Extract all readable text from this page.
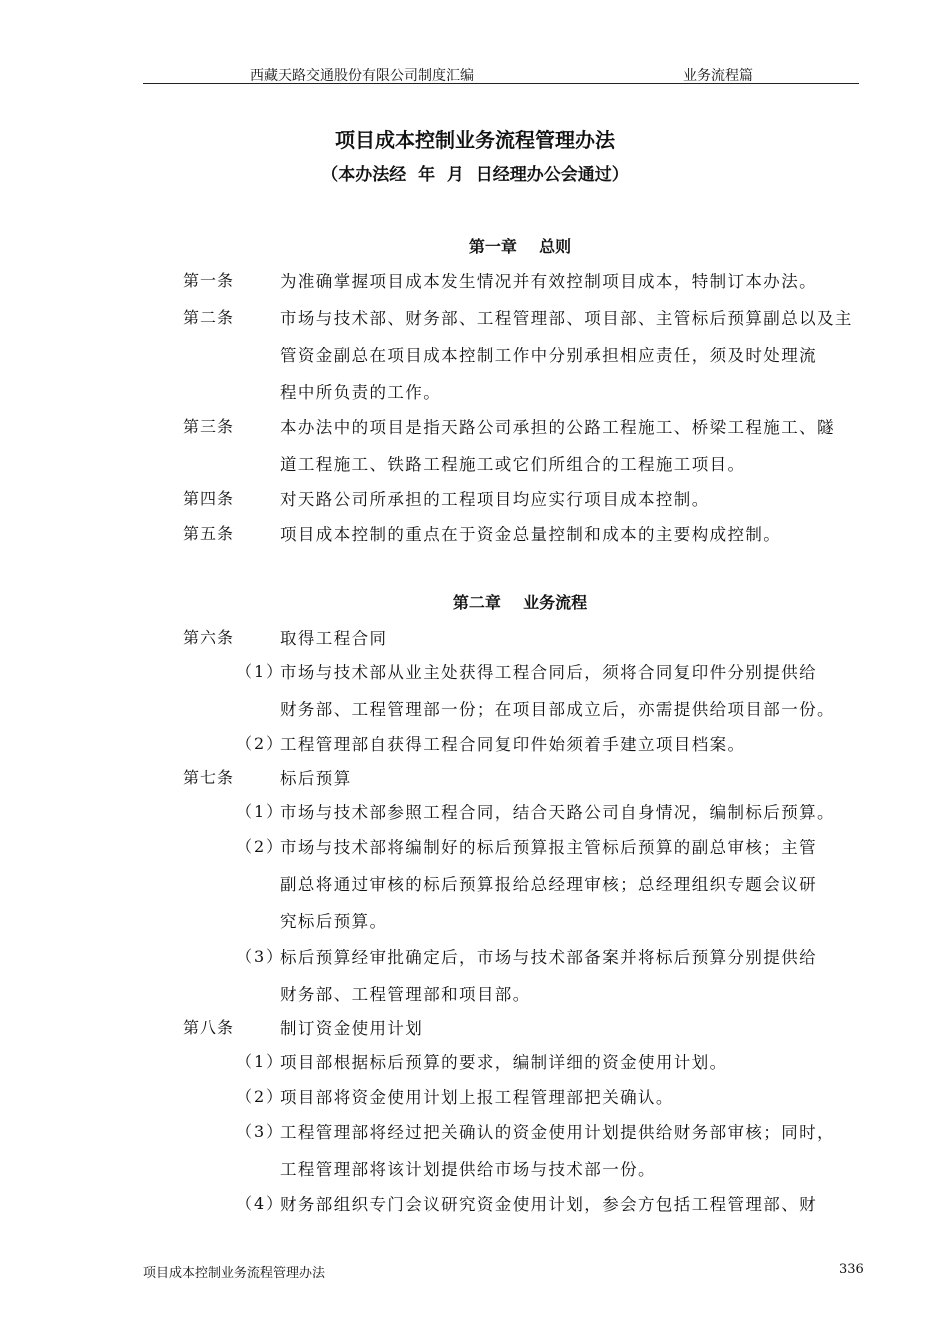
西藏天路交通股份有限公司制度汇编	业务流程篇
项目成本控制业务流程管理办法
（本办法经  年  月  日经理办公会通过）
第一章    总则
第一条	为准确掌握项目成本发生情况并有效控制项目成本，特制订本办法。
第二条	市场与技术部、财务部、工程管理部、项目部、主管标后预算副总以及主
管资金副总在项目成本控制工作中分别承担相应责任，须及时处理流
程中所负责的工作。
第三条	本办法中的项目是指天路公司承担的公路工程施工、桥梁工程施工、隧
道工程施工、铁路工程施工或它们所组合的工程施工项目。
第四条	对天路公司所承担的工程项目均应实行项目成本控制。
第五条	项目成本控制的重点在于资金总量控制和成本的主要构成控制。
第二章    业务流程
第六条	取得工程合同
（1）
市场与技术部从业主处获得工程合同后，须将合同复印件分别提供给
财务部、工程管理部一份；在项目部成立后，亦需提供给项目部一份。
（2）
工程管理部自获得工程合同复印件始须着手建立项目档案。
第七条	标后预算
（1）
市场与技术部参照工程合同，结合天路公司自身情况，编制标后预算。
（2）
市场与技术部将编制好的标后预算报主管标后预算的副总审核；主管
副总将通过审核的标后预算报给总经理审核；总经理组织专题会议研
究标后预算。
（3）
标后预算经审批确定后，市场与技术部备案并将标后预算分别提供给
财务部、工程管理部和项目部。
第八条	制订资金使用计划
（1）
项目部根据标后预算的要求，编制详细的资金使用计划。
（2）
项目部将资金使用计划上报工程管理部把关确认。
（3）
工程管理部将经过把关确认的资金使用计划提供给财务部审核；同时，
工程管理部将该计划提供给市场与技术部一份。
（4）
财务部组织专门会议研究资金使用计划，参会方包括工程管理部、财
项目成本控制业务流程管理办法	336
